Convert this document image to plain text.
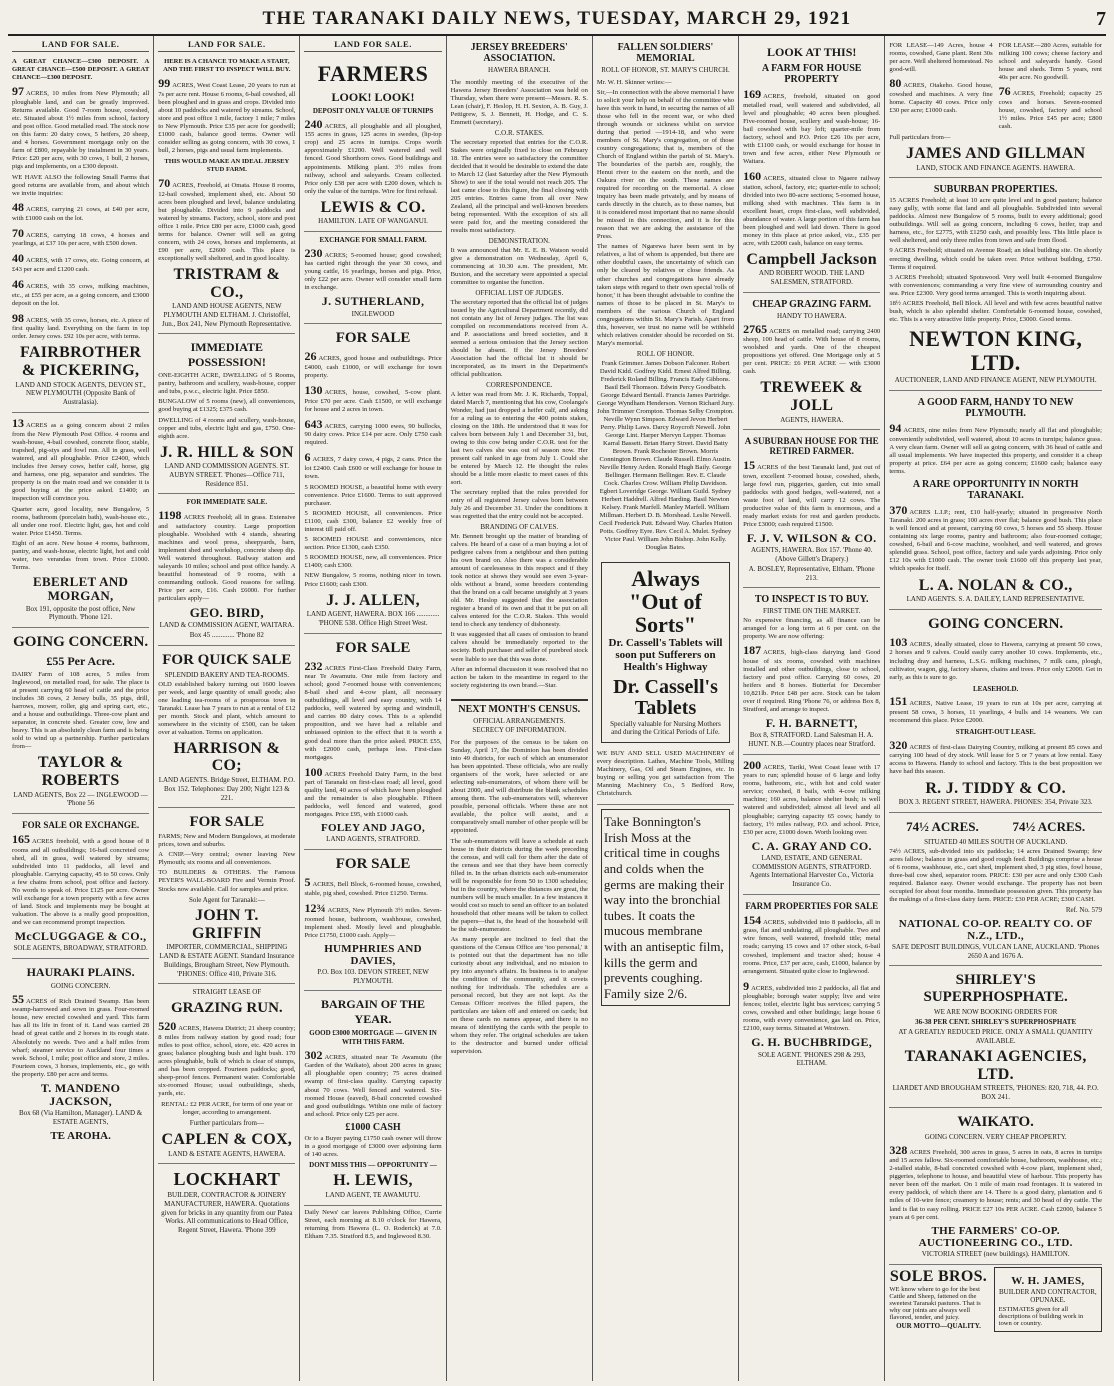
THE TARANAKI DAILY NEWS, TUESDAY, MARCH 29, 1921	7
LAND FOR SALE.

A GREAT CHANCE—£300 DEPOSIT. A GREAT CHANCE—£500 DEPOSIT. A GREAT CHANCE—£300 DEPOSIT.

97 ACRES, 10 miles from New Plymouth; all ploughable land, and can be greatly improved. Returns available. Good 7-room house, cowshed, etc. Situated about 1½ miles from school, factory and post office. Good metalled road. The stock now on this farm: 20 dairy cows, 5 heifers, 20 sheep, and 4 horses. Government mortgage only on the farm of £800, repayable by instalment in 30 years. Price: £20 per acre, with 30 cows, 1 bull, 2 horses, pigs and implements, on a £300 deposit.

WE HAVE ALSO the following Small Farms that good returns are available from, and about which we invite inquiries:

48 ACRES, carrying 21 cows, at £40 per acre, with £1000 cash on the lot.
70 ACRES, carrying 18 cows, 4 horses and yearlings, at £37 10s per acre, with £500 down.
40 ACRES, with 17 cows, etc. Going concern, at £43 per acre and £1200 cash.
46 ACRES, with 35 cows, milking machines, etc., at £55 per acre, as a going concern, and £3000 deposit on the lot.
98 ACRES, with 35 cows, horses, etc. A piece of first quality land. Everything on the farm in top order. Jersey cows. £92 10s per acre, with terms.
FAIRBROTHER & PICKERING,
LAND AND STOCK AGENTS, DEVON ST., NEW PLYMOUTH (Opposite Bank of Australasia).
13 ACRES as a going concern about 2 miles from the New Plymouth Post Office. 4 rooms and wash-house, 4-bail cowshed, concrete floor, stable, trapshed, pig-stys and fowl run. All in grass, well watered, and all ploughable. Price £2400, which includes five Jersey cows, heifer calf, horse, gig and harness, one pig, separator and sundries. The property is on the main road and we consider it is good buying at the price asked. £1400; an inspection will convince you.

Quarter acre, good locality, new Bungalow, 5 rooms, bathroom (porcelain bath), wash-house etc., all under one roof. Electric light, gas, hot and cold water. Price £1450. Terms.

Eight of an acre. New house 4 rooms, bathroom, pantry, and wash-house, electric light, hot and cold water, two verandas from town. Price £1000. Terms.

EBERLET AND MORGAN,
Box 191, opposite the post office, New Plymouth. 'Phone 121.
GOING CONCERN.
£55 Per Acre.

DAIRY Farm of 108 acres, 5 miles from Inglewood, on metalled road, for sale. The place is at present carrying 60 head of cattle and the price includes 38 cows, 2 Jersey bulls, 35 pigs, drill, harrows, mower, roller, gig and spring cart, etc., and a house and outbuildings. Three-cow plant and separator, in concrete shed. Greater cow, low and heavy. This is an absolutely clean farm and is being sold to wind up a partnership. Further particulars from—

TAYLOR & ROBERTS
LAND AGENTS, Box 22 — INGLEWOOD — 'Phone 56
FOR SALE OR EXCHANGE.
165 ACRES freehold, with a good house of 8 rooms and all outbuildings; 16-bail concreted cow shed, all in grass, well watered by streams; subdivided into 11 paddocks, all level and ploughable. Carrying capacity, 45 to 50 cows. Only a few chains from school, post office and factory. No words to speak of. Price £125 per acre. Owner will exchange for a town property with a few acres of land. Stock and implements may be bought at valuation. The above is a really good proposition, and we can recommend prompt inspection.
McCLUGGAGE & CO.,
SOLE AGENTS, BROADWAY, STRATFORD.
HAURAKI PLAINS.
GOING CONCERN.
55 ACRES of Rich Drained Swamp. Has been swamp-harrowed and sown in grass. Four-roomed house, new erected cowshed and yard. This farm has all its life in front of it. Land was carried 28 head of great cattle and 2 horses in its rough state. Absolutely no weeds. Two and a half miles from wharf; steamer service to Auckland four times a week. School, 1 mile; post office and store, 2 miles. Fourteen cows, 3 horses, implements, etc., go with the property. £80 per acre and terms.
T. MANDENO JACKSON,
Box 68 (Via Hamilton, Manager). LAND & ESTATE AGENTS,
TE AROHA.
LAND FOR SALE.

HERE IS A CHANCE TO MAKE A START, AND THE FIRST TO INSPECT WILL BUY.

99 ACRES, West Coast Lease, 20 years to run at 7s per acre rent. House 6 rooms, 6-bail cowshed, all been ploughed and in grass and crops. Divided into about 10 paddocks and watered by streams. School, store and post office 1 mile, factory 1 mile; 7 miles to New Plymouth. Price £35 per acre for goodwill; £1000 cash, balance good terms. Owner will consider selling as going concern, with 30 cows, 1 bull, 2 horses, pigs and usual farm implements.

THIS WOULD MAKE AN IDEAL JERSEY STUD FARM.

70 ACRES, Freehold, at Omata. House 8 rooms, 12-bail cowshed, implement shed, etc. About 50 acres been ploughed and level, balance undulating but ploughable. Divided into 9 paddocks and watered by streams. Factory, school, store and post office 1 mile. Price £80 per acre, £1000 cash, good terms for balance. Owner will sell as going concern, with 24 cows, horses and implements, at £90 per acre, £2600 cash. This place is exceptionally well sheltered, and in good locality.
TRISTRAM & CO.,
LAND AND HOUSE AGENTS, NEW PLYMOUTH AND ELTHAM. J. Christoffel, Jun., Box 241, New Plymouth Representative.
IMMEDIATE POSSESSION!

ONE-EIGHTH ACRE, DWELLING of 5 Rooms, pantry, bathroom and scullery, wash-house, copper and tubs, p.w.c., electric light. Price £850.

BUNGALOW of 5 rooms (new), all conveniences, good buying at £1325; £375 cash.

DWELLING of 4 rooms and scullery, wash-house, copper and tubs, electric light and gas, £750. One-eighth acre.

J. R. HILL & SON
LAND AND COMMISSION AGENTS. ST. AUBYN STREET. 'Phones—Office 711, Residence 851.
FOR IMMEDIATE SALE.
1198 ACRES Freehold; all in grass. Extensive and satisfactory country. Large proportion ploughable. Woolshed with 4 stands, shearing machines and wool press, sheepyards, barn, implement shed and workshop, concrete sheep dip. Well watered throughout. Railway station and saleyards 10 miles; school and post office handy. A beautiful homestead of 9 rooms, with a commanding outlook. Good reasons for selling. Price per acre, £16. Cash £6000. For further particulars apply—
GEO. BIRD,
LAND & COMMISSION AGENT, WAITARA.
Box 45 ............. 'Phone 82
FOR QUICK SALE
SPLENDID BAKERY AND TEA-ROOMS.

OLD established bakery turning out 1600 loaves per week, and large quantity of small goods; also one leading tea-rooms of a prosperous town in Taranaki. Lease has 7 years to run at a rental of £12 per month. Stock and plant, which amount to somewhere in the vicinity of £500, can be taken over at valuation. Terms on application.

HARRISON & CO;
LAND AGENTS. Bridge Street, ELTHAM. P.O. Box 152. Telephones: Day 200; Night 123 & 221.
FOR SALE

FARMS; New and Modern Bungalows, at moderate prices, town and suburbs.

A CNIP.—Very central; owner leaving New Plymouth; six rooms and all conveniences.

TO BUILDERS & OTHERS. The Famous PEYER'S WALL-BOARD Fire and Vermin Proof. Stocks now available. Call for samples and price.

Sole Agent for Taranaki:—
JOHN T. GRIFFIN
IMPORTER, COMMERCIAL, SHIPPING LAND & ESTATE AGENT. Standard Insurance Buildings, Brougham Street, New Plymouth. 'PHONES: Office 410, Private 316.
STRAIGHT LEASE OF
GRAZING RUN.
520 ACRES, Hawera District; 21 sheep country; 8 miles from railway station by good road; four miles to post office, school, store, etc. 420 acres in grass; balance ploughing bush and light bush. 170 acres ploughable, bulk of which is clear of stumps, and has been cropped. Fourteen paddocks; good, sheep-proof fences. Permanent water. Comfortable six-roomed House; usual outbuildings, sheds, yards, etc.

RENTAL: £2 PER ACRE, for term of one year or longer, according to arrangement.

Further particulars from—
CAPLEN & COX,
LAND & ESTATE AGENTS, HAWERA.
LOCKHART
BUILDER, CONTRACTOR & JOINERY MANUFACTURER, HAWERA. Quotations given for bricks in any quantity from our Patea Works. All communications to Head Office, Regent Street, Hawera. 'Phone 399
LAND FOR SALE.
FARMERS
LOOK! LOOK!
DEPOSIT ONLY VALUE OF TURNIPS
240 ACRES, all ploughable and all ploughed, 155 acres in grass, 125 acres in swedes, (lip-top crop) and 25 acres in turnips. Crops worth approximately £1200. Well watered and well fenced. Good Shorthorn cows. Good buildings and appointments. Milking plant. 3½ miles from railway, school and saleyards. Cream collected. Price only £38 per acre with £200 down, which is only the value of the turnips. Wire for first refusal.
LEWIS & CO.
HAMILTON. LATE OF WANGANUI.
EXCHANGE FOR SMALL FARM.
230 ACRES; 5-roomed house; good cowshed; has cartied right through the year 30 cows, and young cattle, 16 yearlings, horses and pigs. Price, only £22 per acre. Owner will consider small farm in exchange.
J. SUTHERLAND,
INGLEWOOD
FOR SALE
26 ACRES, good house and outbuildings. Price £4000, cash £1000, or will exchange for town property.
130 ACRES, house, cowshed, 5-cow plant. Price £70 per acre. Cash £1500, or will exchange for house and 2 acres in town.
643 ACRES, carrying 1000 ewes, 90 bullocks, 90 dairy cows. Price £14 per acre. Only £750 cash required.
6 ACRES, 7 dairy cows, 4 pigs, 2 cans. Price the lot £2400. Cash £600 or will exchange for house in town.

5 ROOMED HOUSE, a beautiful home with every convenience. Price £1600. Terms to suit approved purchaser.

5 ROOMED HOUSE, all conveniences. Price £1100, cash £300, balance £2 weekly free of interest till paid off.

5 ROOMED HOUSE and conveniences, nice section. Price £1300, cash £350.

5 ROOMED HOUSE, new, all conveniences. Price £1400; cash £300.

NEW Bungalow, 5 rooms, nothing nicer in town. Price £1600; cash £300.

J. J. ALLEN,
LAND AGENT, HAWERA. BOX 166 ............. 'PHONE 538. Office High Street West.
FOR SALE
232 ACRES First-Class Freehold Dairy Farm, near Te Awamutu. One mile from factory and school; good 7-roomed house with conveniences; 8-bail shed and 4-cow plant, all necessary outbuildings, all level and easy country, with 14 paddocks, well watered by spring and windmill, and carries 80 dairy cows. This is a splendid proposition, and we have had a reliable and unbiassed opinion to the effect that it is worth a good deal more than the price asked. PRICE £55, with £2000 cash, perhaps less. First-class mortgages.
100 ACRES Freehold Dairy Farm, in the best part of Taranaki on first-class road; all level, good quality land, 40 acres of which have been ploughed and the remainder is also ploughable. Fifteen paddocks, well fenced and watered, good mortgages. Price £95, with £1000 cash.
FOLEY AND JAGO,
LAND AGENTS, STRATFORD.
FOR SALE
5 ACRES, Bell Block, 6-roomed house, cowshed, stable, pig shed, cowshed. Price £1250. Terms.
12¾ ACRES, New Plymouth 3½ miles. Seven-roomed house, bathroom, washhouse, cowshed, implement shed. Mostly level and ploughable. Price £1750, £1000 cash. Apply—
HUMPHRIES AND DAVIES,
P.O. Box 103. DEVON STREET, NEW PLYMOUTH.
BARGAIN OF THE YEAR.
GOOD £3000 MORTGAGE — GIVEN IN WITH THIS FARM.
302 ACRES, situated near Te Awamutu (the Garden of the Waikato), about 200 acres in grass; all ploughable open country; 75 acres drained swamp of first-class quality. Carrying capacity about 70 cows. Well fenced and watered. Six-roomed House (eaved), 8-bail concreted cowshed and good outbuildings. Within one mile of factory and school. Price only £25 per acre.
£1000 CASH

Or to a Buyer paying £1750 cash owner will throw in a good mortgage of £3000 over adjoining farm of 140 acres.

DONT MISS THIS — OPPORTUNITY —
H. LEWIS,
LAND AGENT, TE AWAMUTU.

Daily News' car leaves Publishing Office, Currie Street, each morning at 8.10 o'clock for Hawera, returning from Hawera (L. O. Roderick) at 7.0. Eltham 7.35. Stratford 8.5, and Inglewood 8.30.

JERSEY BREEDERS' ASSOCIATION.
HAWERA BRANCH.

The monthly meeting of the executive of the Hawera Jersey Breeders' Association was held on Thursday, when there were present—Messrs. R. S. Lean (chair), F. Heslop, H. H. Sexton, A. B. Guy, J. Pettigrew, S. J. Bennett, H. Hodge, and C. S. Emmett (secretary).

C.O.R. STAKES.

The secretary reported that entries for the C.O.R. Stakes were originally fixed to close on February 18. The entries were so satisfactory the committee decided that it would be desirable to extend the date to March 12 (last Saturday after the New Plymouth Show) to see if the total would not reach 205. The last came close to this figure, the final closing with 205 entries. Entries came from all over New Zealand, all the principal and well-known breeders being represented. With the exception of six all were paid for, and the meeting considered the results most satisfactory.

DEMONSTRATION.

It was announced that Mr. E. E. B. Watson would give a demonstration on Wednesday, April 6, commencing at 10.30 a.m. The president, Mr. Buxton, and the secretary were appointed a special committee to organise the function.

OFFICIAL LIST OF JUDGES.

The secretary reported that the official list of judges issued by the Agricultural Department recently, did not contain any list of Jersey judges. The list was compiled on recommendations received from A. and P. associations and breed societies, and it seemed a serious omission that the Jersey section should be absent. If the Jersey Breeders' Association had the official list it should be incorporated, as its insert in the Department's official publication.

CORRESPONDENCE.

A letter was read from Mr. J. K. Richards, Toppal, dated March 7, mentioning that his cow, Coolanga's Wonder, had just dropped a heifer calf, and asking for a ruling as to entering the 400 points stakes, closing on the 18th. He understood that it was for calves born between July 1 and December 31, but, owing to this cow being under C.O.R. test for the last two calves she was out of season now. Her present calf ranked in age from July 1. Could she be entered by March 12. He thought the rules should be a little more elastic to meet cases of this sort.

The secretary replied that the rules provided for entry of all registered Jersey calves born between July 26 and December 31. Under the conditions it was regretted that the entry could not be accepted.

BRANDING OF CALVES.

Mr. Bennett brought up the matter of branding of calves. He heard of a case of a man buying a lot of pedigree calves from a neighbour and then putting his own brand on. Also there was a considerable amount of carelessness in this respect and if they took notice at shows they would see even 3-year-olds without a brand, some breeders contending that the brand on a calf became unsightly at 3 years old. Mr. Heslop suggested that the association register a brand of its own and that it be put on all calves entered for the C.O.R. Stakes. This would tend to check any tendency of dishonesty.

It was suggested that all cases of omission to brand calves should be immediately reported to the society. Both purchaser and seller of purebred stock were liable to see that this was done.

After an informal discussion it was resolved that no action be taken in the meantime in regard to the society registering its own brand.—Star.

NEXT MONTH'S CENSUS.
OFFICIAL ARRANGEMENTS.
SECRECY OF INFORMATION.

For the purposes of the census to be taken on Sunday, April 17, the Dominion has been divided into 49 districts, for each of which an enumerator has been appointed. These officials, who are really organisers of the work, have selected or are selecting sub-enumerators, of whom there will be about 2000, and will distribute the blank schedules among them. The sub-enumerators will, wherever possible, personal officials. Where these are not available, the police will assist, and a comparatively small number of other people will be appointed.

The sub-enumerators will leave a schedule at each house in their districts during the week preceding the census, and will call for them after the date of the census and see that they have been correctly filled in. In the urban districts each sub-enumerator will be responsible for from 50 to 1300 schedules; but in the country, where the distances are great, the numbers will be much smaller. In a few instances it would cost so much to send an officer to an isolated household that other means will be taken to collect the papers—that is, the head of the household will be the sub-enumerator.

As many people are inclined to feel that the questions of the Census Office are 'too personal,' it is pointed out that the department has no idle curiosity about any individual, and no mission to pry into anyone's affairs. Its business is to analyse the condition of the community, and it covets nothing for individuals. The schedules are a personal record, but they are not kept. As the Census Officer receives the filled papers, the particulars are taken off and entered on cards; but on these cards no names appear, and there is no means of identifying the cards with the people to whom they refer. The original schedules are taken to the destructor and burned under official supervision.

FALLEN SOLDIERS' MEMORIAL
ROLL OF HONOR, ST. MARY'S CHURCH.

Mr. W. H. Skinner writes:—

Sir,—In connection with the above memorial I have to solicit your help on behalf of the committee who have this work in hand, in securing the names of all those who fell in the recent war, or who died through wounds or sickness whilst on service during that period —1914-18, and who were members of St. Mary's congregation, or of those country congregations; that is, members of the Church of England within the parish of St. Mary's. The boundaries of the parish are, roughly, the Henui river to the eastern on the north, and the Oakura river on the south. These names are required for recording on the memorial. A close inquiry has been made privately, and by means of cards directly in the church, as to these names, but it is considered most important that no name should be missed in this connection, and it is for this reason that we are asking the assistance of the Press.

The names of Ngarewa have been sent in by relatives, a list of whom is appended, but there are other doubtful cases, the uncertainty of which can only be cleared by relatives or close friends. As other churches and congregations have already taken steps with regard to their own special 'rolls of honor,' it has been thought advisable to confine the names of those to be placed in St. Mary's to members of the various Church of England congregations within St. Mary's Parish. Apart from this, however, we trust no name will be withheld which relatives consider should be recorded on St. Mary's memorial.

ROLL OF HONOR.

Frank Grimmer. James Dobson Falconer. Robert David Kidd. Godfrey Kidd. Ernest Alfred Billing. Frederick Roland Billing. Francis Eady Gibbons. Basil Bell Thomson. Edwin Percy Goodbatch. George Edward Bentall. Francis James Partridge. George Wyndham Henderson. Vernon Richard Jury. John Trimmer Crompton. Thomas Selby Crompton. Neville Wynn Simpson. Edward Jevon Herbert Perry. Philip Laws. Darcy Roycroft Newell. John George Lint. Harper Mervyn Lepper. Thomas Karral Bassett. Brian Harry Street. David Batty Brown. Frank Rochester Brown. Morris Connington Brown. Claude Russell. Elmo Austin. Neville Henry Arden. Ronald Hugh Baily. George Bellinger. Hermann Bellinger. Rev. E. Claude Cock. Charles Crow. William Philip Davidson. Egbert Loveridge George. William Guild. Sydney Herbert Haddrell. Alfred Harding. Basil Newton Kelsey. Frank Marfell. Manley Marfell. William Millman. Herbert D. B. Morshead. Leslie Newell. Cecil Frederick Putt. Edward Way. Charles Hutton Potts. Godfrey Eyre. Rev. Cecil A. Mulet. Sydney Victor Paul. William John Bishop. John Kelly. Douglas Bates.

Always
"Out of Sorts"
Dr. Cassell's Tablets will soon put Sufferers on Health's Highway
Dr. Cassell's Tablets
Specially valuable for Nursing Mothers and during the Critical Periods of Life.

WE BUY AND SELL USED MACHINERY of every description. Lathes, Machine Tools, Milling Machinery, Gas, Oil and Steam Engines, etc. In buying or selling you get satisfaction from The Manning Machinery Co., 5 Bedford Row, Christchurch.

Take Bonnington's Irish Moss at the critical time in coughs and colds when the germs are making their way into the bronchial tubes. It coats the mucous membrane with an antiseptic film, kills the germ and prevents coughing. Family size 2/6.
LOOK AT THIS!
A FARM FOR HOUSE PROPERTY
169 ACRES, freehold, situated on good metalled road, well watered and subdivided, all level and ploughable; 40 acres been ploughed. Five-roomed house, scullery and wash-house; 16-bail cowshed with bay loft; quarter-mile from factory, school and P.O. Price £26 10s per acre, with £1100 cash, or would exchange for house in town and few acres, either New Plymouth or Waitara.
160 ACRES, situated close to Ngaere railway station, school, factory, etc; quarter-mile to school; divided into two 80-acre sections; 5-roomed house, milking shed with machines. This farm is in excellent heart, crops first-class, well subdivided, abundance of water. A large portion of this farm has been ploughed and well laid down. There is good money in this place at price asked, viz., £35 per acre, with £2000 cash, balance on easy terms.
Campbell Jackson
AND ROBERT WOOD. THE LAND SALESMEN, STRATFORD.
CHEAP GRAZING FARM.
HANDY TO HAWERA.
2765 ACRES on metalled road; carrying 2400 sheep, 100 head of cattle. With house of 8 rooms, woolshed and yards. One of the cheapest propositions yet offered. One Mortgage only at 5 per cent. PRICE: £6 PER ACRE — with £3000 cash.
TREWEEK & JOLL
AGENTS, HAWERA.
A SUBURBAN HOUSE FOR THE RETIRED FARMER.
15 ACRES of the best Taranaki land, just out of town, excellent 7-roomed house, cowshed, sheds, large fowl run, piggeries, garden, cut into small paddocks with good hedges, well-watered, not a waste foot of land, will carry 12 cows. The productive value of this farm is enormous, and a ready market exists for rest and garden products. Price £3000; cash required £1500.
F. J. V. WILSON & CO.
AGENTS, HAWERA. Box 157. 'Phone 40. (Above Gillett's Drapery.)
A. BOSLEY, Representative, Eltham. 'Phone 213.
TO INSPECT IS TO BUY.
FIRST TIME ON THE MARKET.

No expensive financing, as all finance can be arranged for a long term at 6 per cent. on the property. We are now offering:

187 ACRES, high-class dairying land Good house of six rooms, cowshed with machines installed and other outbuildings, close to school, factory and post office. Carrying 60 cows, 20 heifers and 8 horses. Butterfat for December 10,821lb. Price £48 per acre. Stock can be taken over if required. Ring 'Phone 76, or address Box 8, Stratford, and arrange to inspect.
F. H. BARNETT,
Box 8, STRATFORD. Land Salesman H. A. HUNT. N.B.—Country places near Stratford.
200 ACRES, Tariki, West Coast lease with 17 years to run; splendid house of 6 large and lofty rooms, bathroom, etc., with hot and cold water service; cowshed, 8 bails, with 4-cow milking machine; 160 acres, balance shelter bush; is well watered and subdivided; almost all level and all ploughable; carrying capacity 65 cows; handy to factory, 1½ miles railway, P.O. and school. Price, £30 per acre, £1000 down. Worth looking over.
C. A. GRAY AND CO.
LAND, ESTATE, AND GENERAL COMMISSION AGENTS, STRATFORD. Agents International Harvester Co., Victoria Insurance Co.
FARM PROPERTIES FOR SALE
154 ACRES, subdivided into 8 paddocks, all in grass, flat and undulating, all ploughable. Two and wire fences, well watered, freehold title; metal roads; carrying 15 cows and 17 other stock, 6-bail cowshed, implement and tractor shed; house 4 rooms. Price, £37 per acre, cash, £1000, balance by arrangement. Situated quite close to Inglewood.
9 ACRES, subdivided into 2 paddocks, all flat and ploughable; borough water supply; live and wire fences; toilet, electric light bus services; carrying 5 cows, cowshed and other buildings; large house 6 rooms, with every convenience, gas laid on. Price, £2100, easy terms. Situated at Westown.
G. H. BUCHBRIDGE,
SOLE AGENT. 'PHONES 298 & 293, ELTHAM.

FOR LEASE—149 Acres, house 4 rooms, cowshed, Gane plant. Rent 30s per acre. Well sheltered homestead. No good-will.

80 ACRES, Otakeho. Good house, cowshed and machines. A very fine home. Capacity 40 cows. Price only £30 per acre; £1000 cash.

FOR LEASE—280 Acres, suitable for milking 100 cows; cheese factory and school and saleyards handy. Good house and sheds. Term 5 years, rent 40s per acre. No goodwill.

76 ACRES, Freehold; capacity 25 cows and horses. Seven-roomed house, cowshed, factory and school 1½ miles. Price £45 per acre; £800 cash.

Full particulars from—

JAMES AND GILLMAN
LAND, STOCK AND FINANCE AGENTS. HAWERA.
SUBURBAN PROPERTIES.

15 ACRES Freehold; at least 10 acre quite level and in good pasture; balance easy gully, with some flat land and all ploughable. Subdivided into several paddocks. Almost new Bungalow of 5 rooms, built to every additional; good outbuildings. Will sell as going concern, including 6 cows, heifer, trap and harness, etc., for £2775, with £1250 cash, and possibly less. This little place is well sheltered, and only three miles from town and safe from flood.

9 ACRES Freehold; situated on Avenue Road; an ideal building site. On shortly erecting dwelling, which could be taken over. Price without building, £750. Terms if required.

3 ACRES Freehold; situated Spotswood. Very well built 4-roomed Bungalow with conveniences; commanding a very fine view of surrounding country and sea. Price £2300. Very good terms arranged. This is worth inquiring about.

18½ ACRES Freehold, Bell Block. All level and with few acres beautiful native bush, which is also splendid shelter. Comfortable 6-roomed house, cowshed, etc. This is a very attractive little property. Price, £3000. Good terms.

NEWTON KING, LTD.
AUCTIONEER, LAND AND FINANCE AGENT, NEW PLYMOUTH.
A GOOD FARM, HANDY TO NEW PLYMOUTH.
94 ACRES, nine miles from New Plymouth; nearly all flat and ploughable; conveniently subdivided, well watered, about 10 acres in turnips; balance grass. A very clean farm. Owner will sell as going concern, with 36 head of cattle and all usual implements. We have inspected this property, and consider it a cheap property at price. £64 per acre as going concern; £1600 cash; balance easy terms.
A RARE OPPORTUNITY IN NORTH TARANAKI.
370 ACRES L.I.P.; rent, £10 half-yearly; situated in progressive North Taranaki. 200 acres in grass; 100 acres river flat; balance good bush. This place is well fenced and at present, carrying 60 cows, 5 horses and 55 sheep. House containing six large rooms, pantry and bathroom; also four-roomed cottage; cowshed, 6-bail and 6-cow machine, woolshed, and well watered, and grows splendid grass. School, post office, factory and sale yards adjoining. Price only £12 10s with £1000 cash. The owner took £1600 off this property last year, which speaks for itself.
L. A. NOLAN & CO.,
LAND AGENTS. S. A. DAILEY, LAND REPRESENTATIVE.
GOING CONCERN.
103 ACRES, ideally situated, close to Hawera, carrying at present 50 cows, 2 horses and 9 calves. Could easily carry another 10 cows. Implements, etc., including dray and harness, L.S.G. milking machines, 7 milk cans, plough, cultivator, wagon, gig, factory shares, chains and trees. Price only £2000. Get in early, as this is sure to go.
LEASEHOLD.
151 ACRES, Native Lease, 19 years to run at 10s per acre, carrying at present 58 cows, 3 horses, 11 yearlings, 4 bulls and 14 weaners. We can recommend this place. Price £2000.
STRAIGHT-OUT LEASE.
320 ACRES of first-class Dairying Country, milking at present 85 cows and carrying 100 head of dry stock. Will lease for 5 or 7 years at low rental. Easy access to Hawera. Handy to school and factory. This is the best proposition we have had this season.
R. J. TIDDY & CO.
BOX 3. REGENT STREET, HAWERA. PHONES: 354, Private 323.
74½ ACRES.	74½ ACRES.
SITUATED 40 MILES SOUTH OF AUCKLAND.

74½ ACRES, sub-divided into six paddocks; 14 acres Drained Swamp; few acres fallow; balance in grass and good rough feed. Buildings comprise a house of 6 rooms, washhouse, etc., cart shed, implement shed, 3 pig sties, fowl house, three-bail cow shed, separator room. PRICE: £30 per acre and only £300 Cash required. Balance easy. Owner would exchange. The property has not been occupied for about four months. Immediate possession given. This property has the makings of a first-class dairy farm. PRICE: £30 PER ACRE; £300 CASH.

Ref. No. 579
NATIONAL CO-OP. REALTY CO. OF N.Z., LTD.,
SAFE DEPOSIT BUILDINGS, VULCAN LANE, AUCKLAND. 'Phones 2650 A and 1676 A.
SHIRLEY'S SUPERPHOSPHATE.
WE ARE NOW BOOKING ORDERS FOR
36-38 PER CENT. SHIRLEY'S SUPERPHOSPHATE
AT A GREATLY REDUCED PRICE. ONLY A SMALL QUANTITY AVAILABLE.
TARANAKI AGENCIES, LTD.
LIARDET AND BROUGHAM STREETS, 'PHONES: 820, 718, 44. P.O. BOX 241.
WAIKATO.
GOING CONCERN. VERY CHEAP PROPERTY.
328 ACRES Freehold, 300 acres in grass, 5 acres in oats, 8 acres in turnips and 15 acres fallow. Six-roomed comfortable house, bathroom, washhouse, etc.; 2-stalled stable, 8-bail concreted cowshed with 4-cow plant, implement shed, piggeries, telephone to house, and beautiful view of harbour. This property has never been off the market. On 1 mile of main road frontages. It is watered in every paddock, of which there are 14. There is a good dairy, plantation and 6 miles of 10-wire fence; creamery to house; rents; and 30 head of dry cattle. The land is flat to easy rolling. PRICE £27 10s PER ACRE. Cash £2000, balance 5 years at 6 per cent.
THE FARMERS' CO-OP. AUCTIONEERING CO., LTD.
VICTORIA STREET (new buildings). HAMILTON.
SOLE BROS.

WE know where to go for the best Cattle and Sheep, fattened on the sweetest Taranaki pastures. That is why our joints are always well flavored, tender, and juicy.

OUR MOTTO—QUALITY.
W. H. JAMES,
BUILDER AND CONTRACTOR, OPUNAKE.

ESTIMATES given for all descriptions of building work in town or country.
